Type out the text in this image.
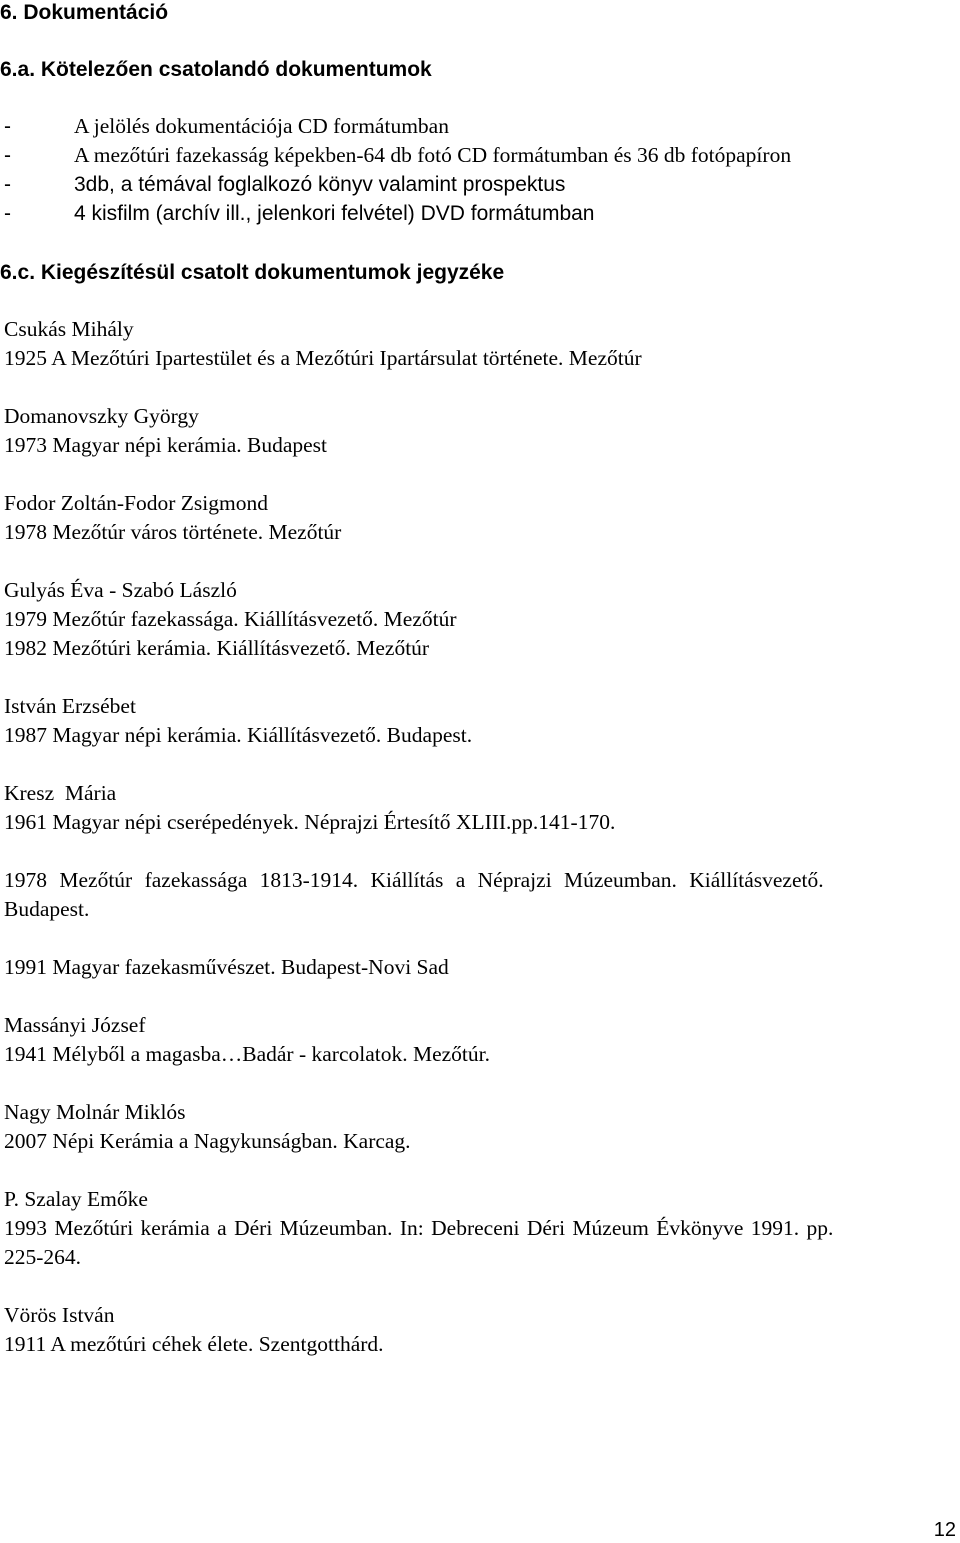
6. Dokumentáció
6.a. Kötelezően csatolandó dokumentumok
-	A jelölés dokumentációja CD formátumban
-	A mezőtúri fazekasság képekben-64 db fotó CD formátumban és 36 db fotópapíron
-	3db, a témával foglalkozó könyv valamint prospektus
-	4 kisfilm (archív ill., jelenkori felvétel) DVD formátumban
6.c. Kiegészítésül csatolt dokumentumok jegyzéke
Csukás Mihály
1925 A Mezőtúri Ipartestület és a Mezőtúri Ipartársulat története. Mezőtúr
Domanovszky György
1973 Magyar népi kerámia. Budapest
Fodor Zoltán-Fodor Zsigmond
1978 Mezőtúr város története. Mezőtúr
Gulyás Éva - Szabó László
1979 Mezőtúr fazekassága. Kiállításvezető. Mezőtúr
1982 Mezőtúri kerámia. Kiállításvezető. Mezőtúr
István Erzsébet
1987 Magyar népi kerámia. Kiállításvezető. Budapest.
Kresz  Mária
1961 Magyar népi cserépedények. Néprajzi Értesítő XLIII.pp.141-170.
1978 Mezőtúr fazekassága 1813-1914. Kiállítás a Néprajzi Múzeumban. Kiállításvezető.
Budapest.
1991 Magyar fazekasművészet. Budapest-Novi Sad
Massányi József
1941 Mélyből a magasba…Badár - karcolatok. Mezőtúr.
Nagy Molnár Miklós
2007 Népi Kerámia a Nagykunságban. Karcag.
P. Szalay Emőke
1993 Mezőtúri kerámia a Déri Múzeumban. In: Debreceni Déri Múzeum Évkönyve 1991. pp.
225-264.
Vörös István
1911 A mezőtúri céhek élete. Szentgotthárd.
12
